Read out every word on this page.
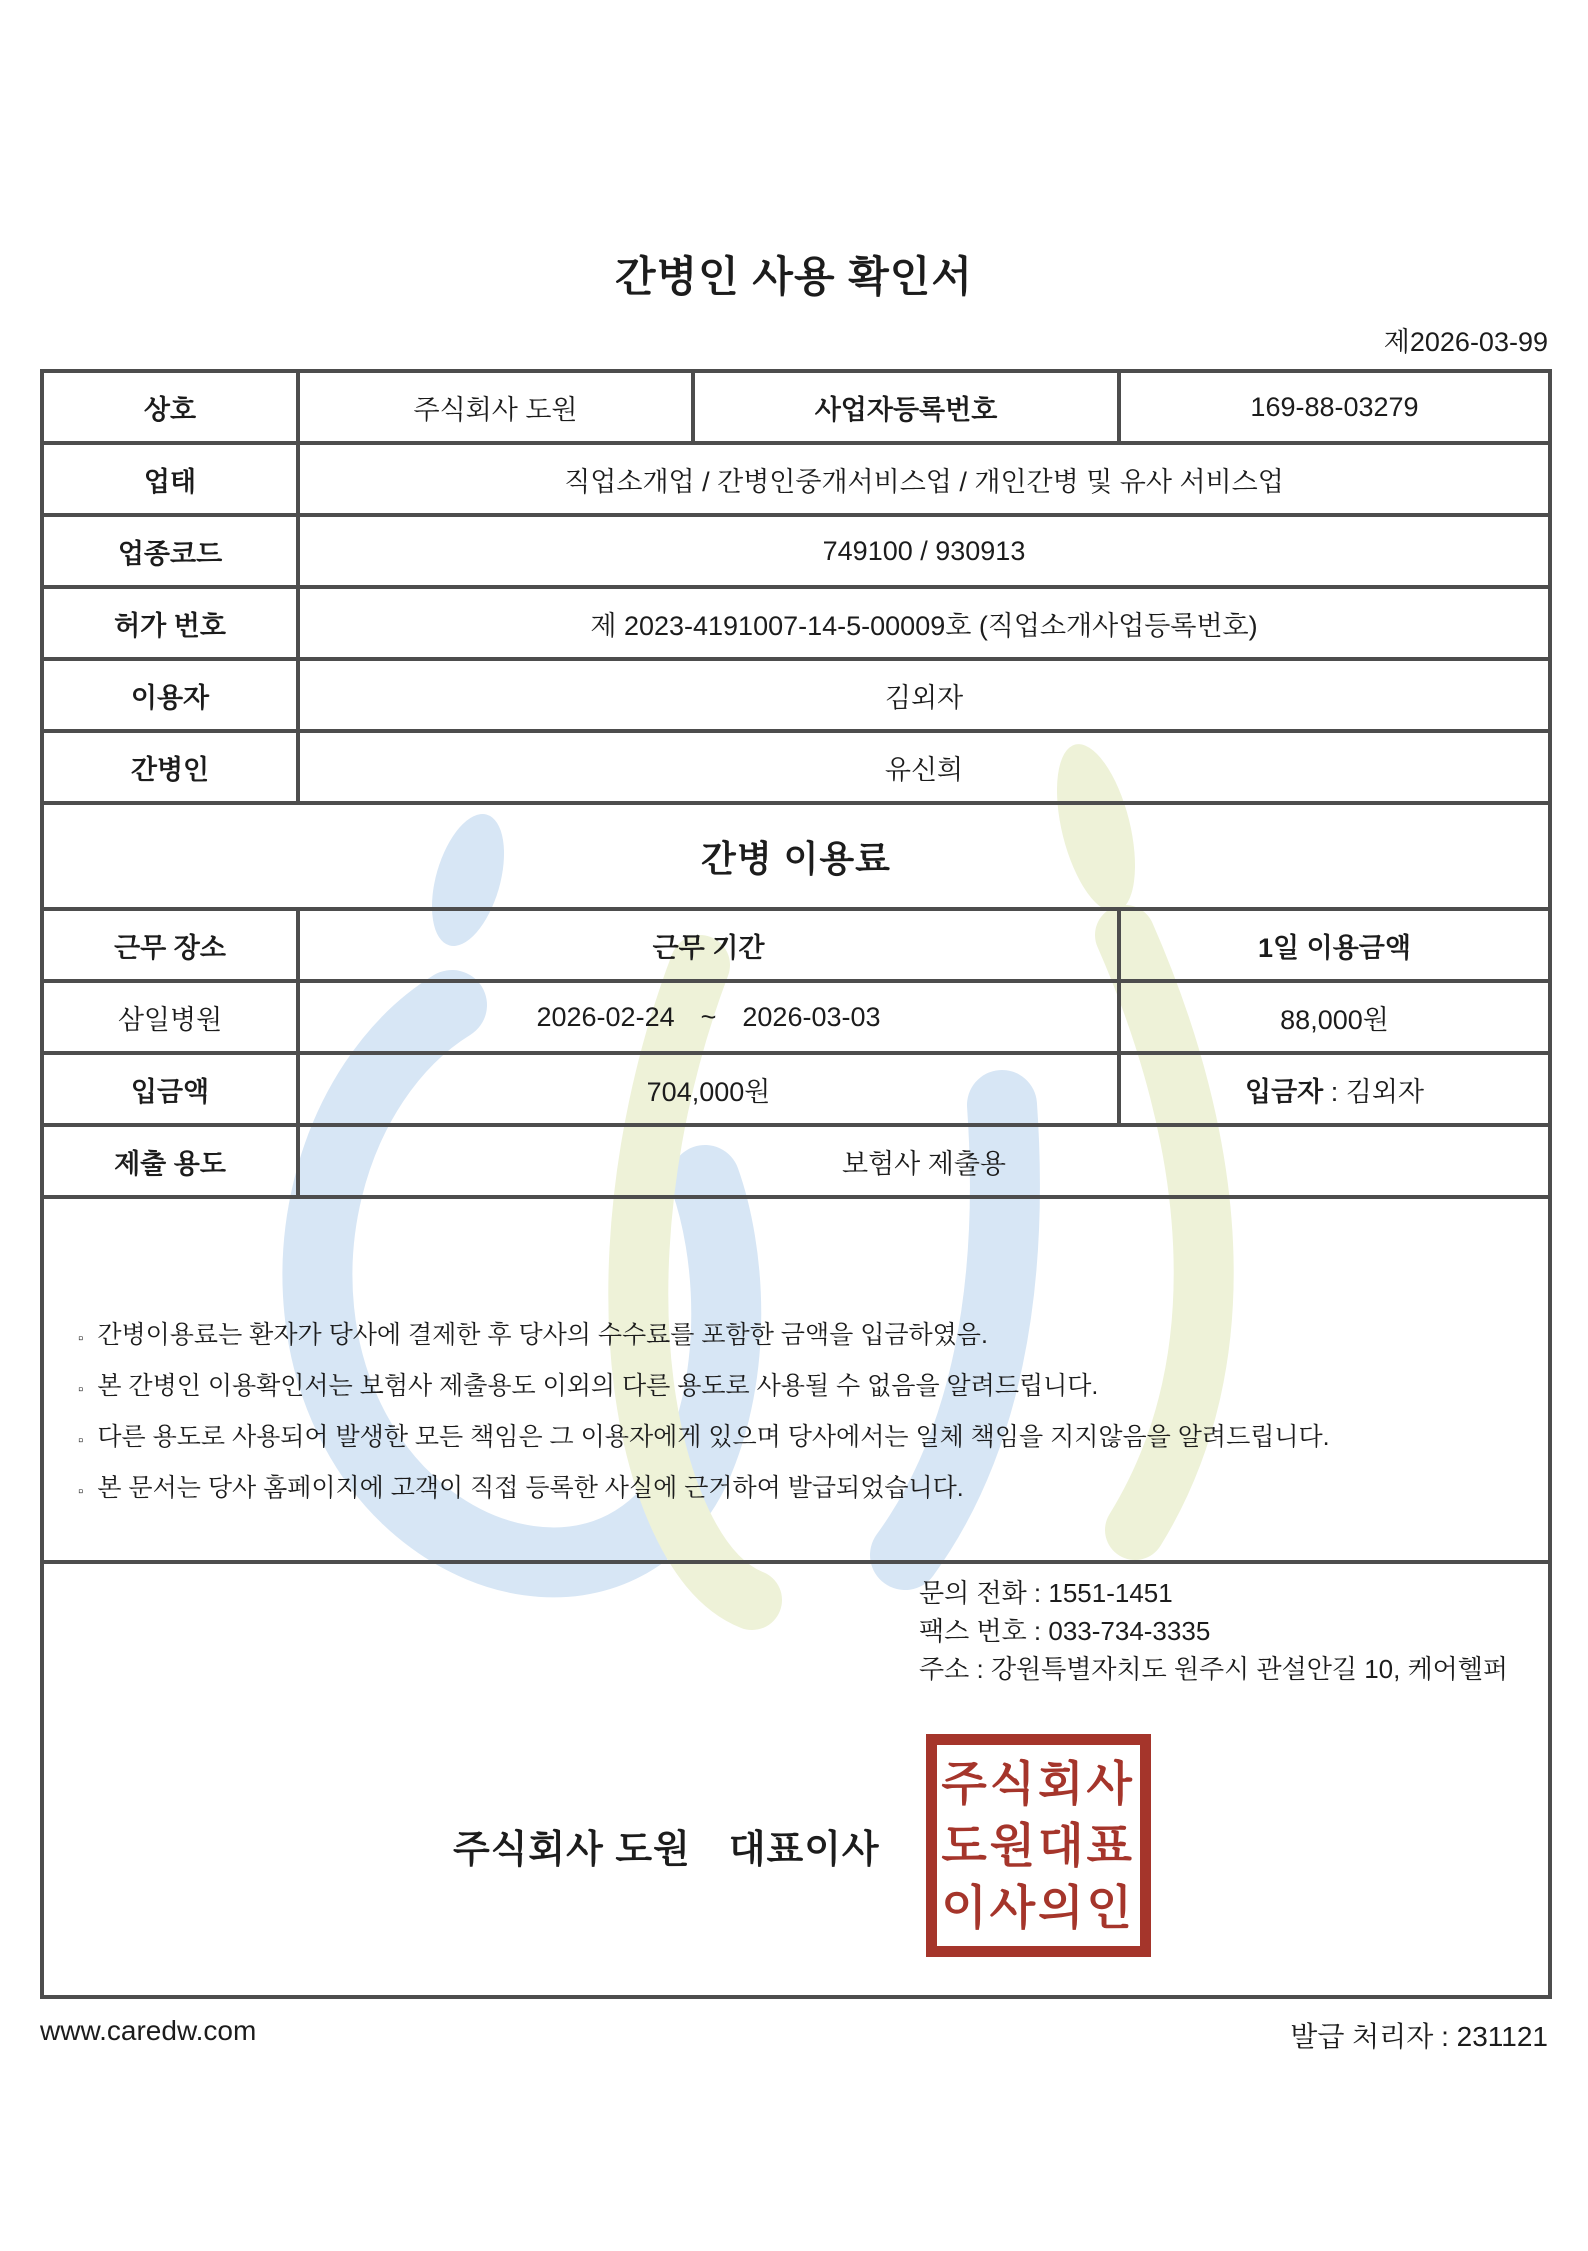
간병인 사용 확인서
제2026-03-99
상호	주식회사 도원	사업자등록번호	169-88-03279
업태	직업소개업 / 간병인중개서비스업 / 개인간병 및 유사 서비스업		
업종코드	749100 / 930913		
허가 번호	제 2023-4191007-14-5-00009호 (직업소개사업등록번호)		
이용자	김외자		
간병인	유신희		
간병 이용료			
근무 장소	근무 기간		1일 이용금액
삼일병원	2026-02-24 ~ 2026-03-03		88,000원
입금액	704,000원		입금자 : 김외자
제출 용도	보험사 제출용		

▫ 간병이용료는 환자가 당사에 결제한 후 당사의 수수료를 포함한 금액을 입금하였음.
▫ 본 간병인 이용확인서는 보험사 제출용도 이외의 다른 용도로 사용될 수 없음을 알려드립니다.
▫ 다른 용도로 사용되어 발생한 모든 책임은 그 이용자에게 있으며 당사에서는 일체 책임을 지지않음을 알려드립니다.
▫ 본 문서는 당사 홈페이지에 고객이 직접 등록한 사실에 근거하여 발급되었습니다.

문의 전화 : 1551-1451
팩스 번호 : 033-734-3335
주소 : 강원특별자치도 원주시 관설안길 10, 케어헬퍼
주식회사 도원 대표이사
주식회사
도원대표
이사의인
www.caredw.com	발급 처리자 : 231121
